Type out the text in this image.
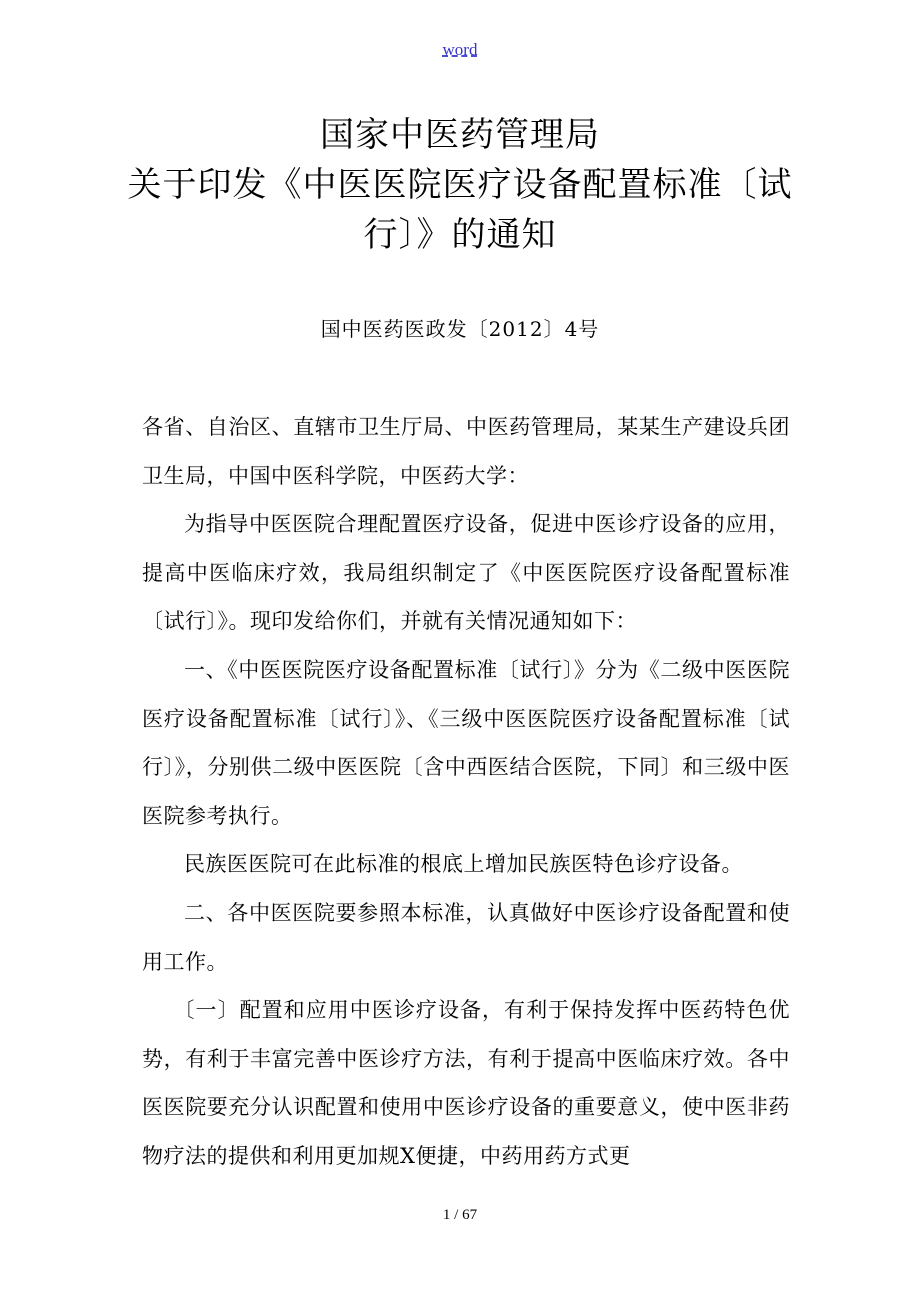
word
国家中医药管理局
关于印发《中医医院医疗设备配置标准〔试
行〕》的通知
国中医药医政发〔2012〕4号

各省、自治区、直辖市卫生厅局、中医药管理局，某某生产建设兵团卫生局，中国中医科学院，中医药大学：

为指导中医医院合理配置医疗设备，促进中医诊疗设备的应用，提高中医临床疗效，我局组织制定了《中医医院医疗设备配置标准〔试行〕》。现印发给你们，并就有关情况通知如下：

一、《中医医院医疗设备配置标准〔试行〕》分为《二级中医医院医疗设备配置标准〔试行〕》、《三级中医医院医疗设备配置标准〔试行〕》，分别供二级中医医院〔含中西医结合医院，下同〕和三级中医医院参考执行。

民族医医院可在此标准的根底上增加民族医特色诊疗设备。

二、各中医医院要参照本标准，认真做好中医诊疗设备配置和使用工作。

〔一〕配置和应用中医诊疗设备，有利于保持发挥中医药特色优势，有利于丰富完善中医诊疗方法，有利于提高中医临床疗效。各中医医院要充分认识配置和使用中医诊疗设备的重要意义，使中医非药物疗法的提供和利用更加规X便捷，中药用药方式更

1 / 67
